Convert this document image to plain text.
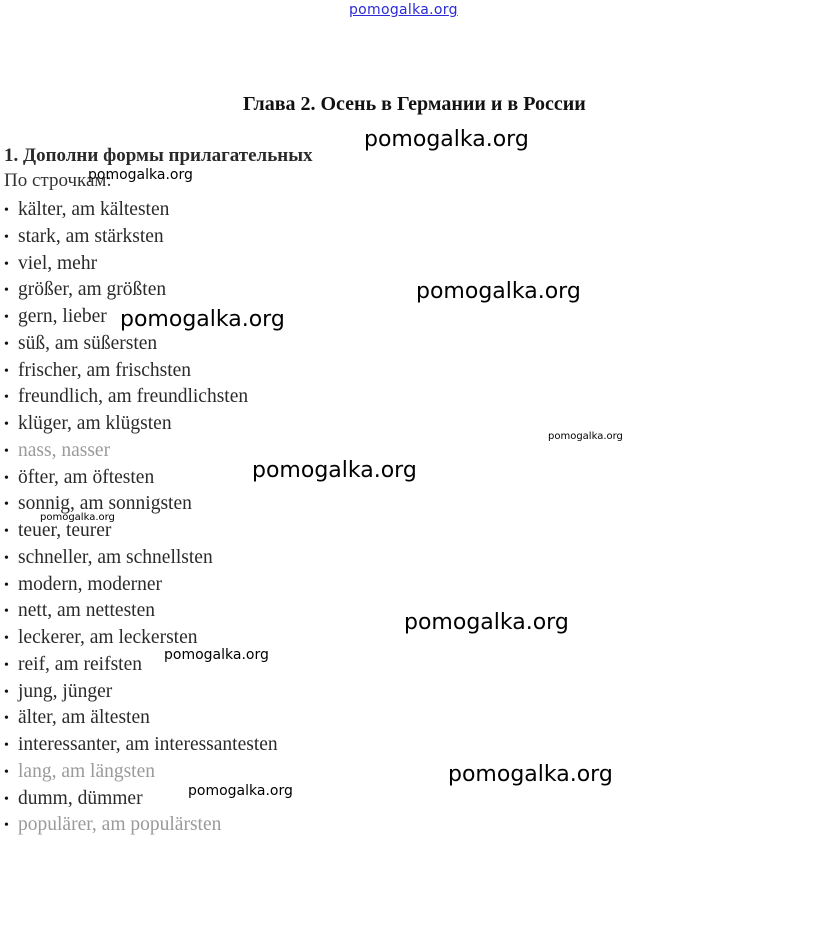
pomogalka.org
Глава 2. Осень в Германии и в России
1. Дополни формы прилагательных
По строчкам:
• kälter, am kältesten
• stark, am stärksten
• viel, mehr
• größer, am größten
• gern, lieber
• süß, am süßersten
• frischer, am frischsten
• freundlich, am freundlichsten
• klüger, am klügsten
• nass, nasser
• öfter, am öftesten
• sonnig, am sonnigsten
• teuer, teurer
• schneller, am schnellsten
• modern, moderner
• nett, am nettesten
• leckerer, am leckersten
• reif, am reifsten
• jung, jünger
• älter, am ältesten
• interessanter, am interessantesten
• lang, am längsten
• dumm, dümmer
• populärer, am populärsten
pomogalka.org
pomogalka.org
pomogalka.org
pomogalka.org
pomogalka.org
pomogalka.org
pomogalka.org
pomogalka.org
pomogalka.org
pomogalka.org
pomogalka.org
